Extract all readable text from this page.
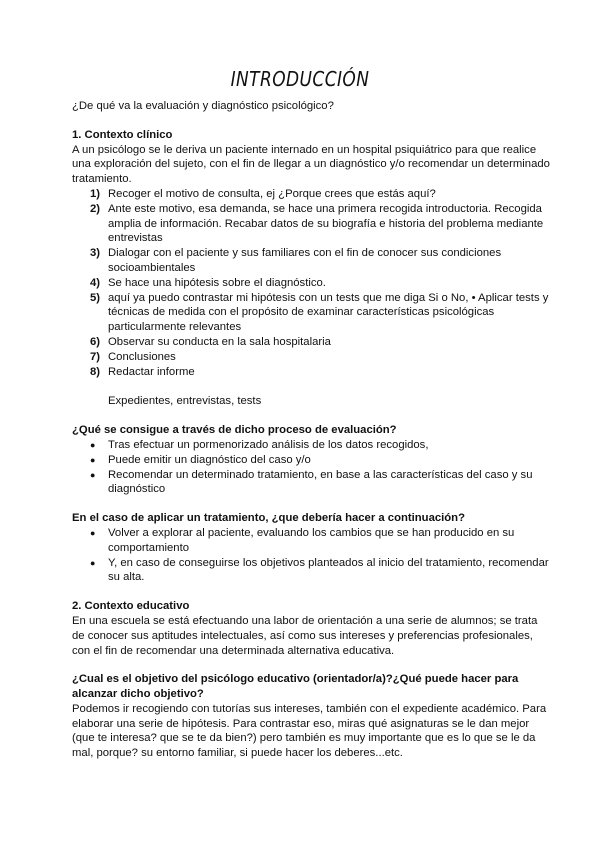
INTRODUCCIÓN

¿De qué va la evaluación y diagnóstico psicológico?

1. Contexto clínico

A un psicólogo se le deriva un paciente internado en un hospital psiquiátrico para que realice una exploración del sujeto, con el fin de llegar a un diagnóstico y/o recomendar un determinado tratamiento.

1) Recoger el motivo de consulta, ej ¿Porque crees que estás aquí?
2) Ante este motivo, esa demanda, se hace una primera recogida introductoria. Recogida amplia de información. Recabar datos de su biografía e historia del problema mediante entrevistas
3) Dialogar con el paciente y sus familiares con el fin de conocer sus condiciones socioambientales
4) Se hace una hipótesis sobre el diagnóstico.
5) aquí ya puedo contrastar mi hipótesis con un tests que me diga Si o No, • Aplicar tests y técnicas de medida con el propósito de examinar características psicológicas particularmente relevantes
6) Observar su conducta en la sala hospitalaria
7) Conclusiones
8) Redactar informe

Expedientes, entrevistas, tests

¿Qué se consigue a través de dicho proceso de evaluación?

● Tras efectuar un pormenorizado análisis de los datos recogidos,
● Puede emitir un diagnóstico del caso y/o
● Recomendar un determinado tratamiento, en base a las características del caso y su diagnóstico

En el caso de aplicar un tratamiento, ¿que debería hacer a continuación?

● Volver a explorar al paciente, evaluando los cambios que se han producido en su comportamiento
● Y, en caso de conseguirse los objetivos planteados al inicio del tratamiento, recomendar su alta.

2. Contexto educativo

En una escuela se está efectuando una labor de orientación a una serie de alumnos; se trata de conocer sus aptitudes intelectuales, así como sus intereses y preferencias profesionales, con el fin de recomendar una determinada alternativa educativa.

¿Cual es el objetivo del psicólogo educativo (orientador/a)?¿Qué puede hacer para alcanzar dicho objetivo?

Podemos ir recogiendo con tutorías sus intereses, también con el expediente académico. Para elaborar una serie de hipótesis. Para contrastar eso, miras qué asignaturas se le dan mejor (que te interesa? que se te da bien?) pero también es muy importante que es lo que se le da mal, porque? su entorno familiar, si puede hacer los deberes...etc.
